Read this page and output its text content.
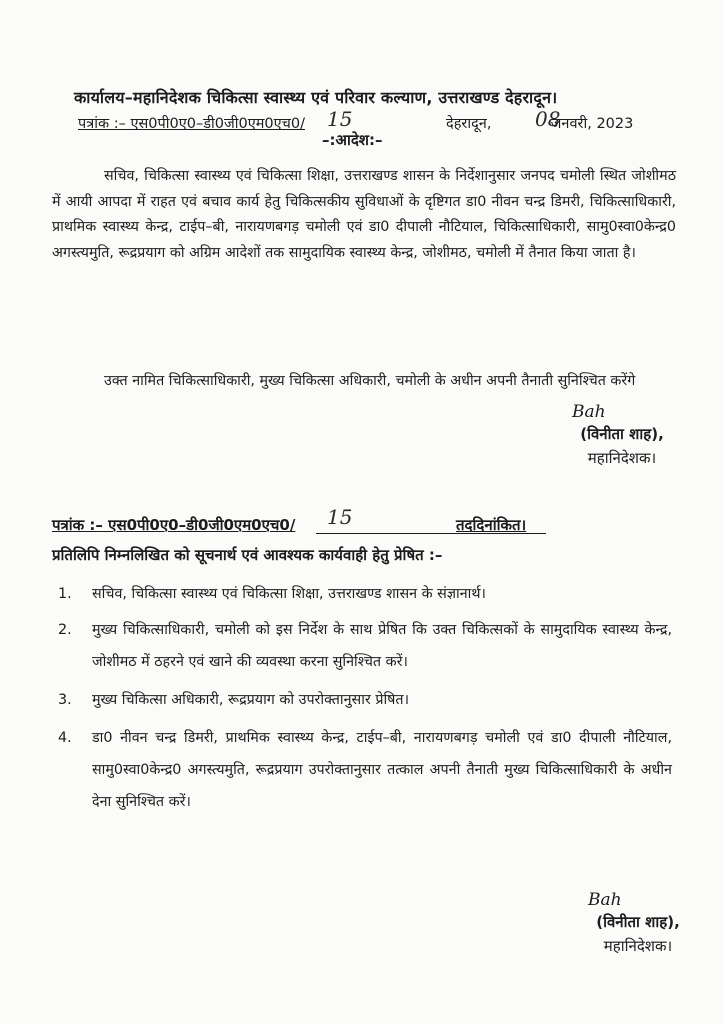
कार्यालय–महानिदेशक चिकित्सा स्वास्थ्य एवं परिवार कल्याण, उत्तराखण्ड देहरादून।
पत्रांक :– एस0पी0ए0–डी0जी0एम0एच0/ 15	देहरादून,	जनवरी, 2023
08
–:आदेश:–

सचिव, चिकित्सा स्वास्थ्य एवं चिकित्सा शिक्षा, उत्तराखण्ड शासन के निर्देशानुसार जनपद चमोली स्थित जोशीमठ में आयी आपदा में राहत एवं बचाव कार्य हेतु चिकित्सकीय सुविधाओं के दृष्टिगत डा0 नीवन चन्द्र डिमरी, चिकित्साधिकारी, प्राथमिक स्वास्थ्य केन्द्र, टाईप–बी, नारायणबगड़ चमोली एवं डा0 दीपाली नौटियाल, चिकित्साधिकारी, सामु0स्वा0केन्द्र0 अगस्त्यमुति, रूद्रप्रयाग को अग्रिम आदेशों तक सामुदायिक स्वास्थ्य केन्द्र, जोशीमठ, चमोली में तैनात किया जाता है।

उक्त नामित चिकित्साधिकारी, मुख्य चिकित्सा अधिकारी, चमोली के अधीन अपनी तैनाती सुनिश्चित करेंगे

Bah
(विनीता शाह),
महानिदेशक।
पत्रांक :– एस0पी0ए0–डी0जी0एम0एच0/ 15	तददिनांकित।
प्रतिलिपि निम्नलिखित को सूचनार्थ एवं आवश्यक कार्यवाही हेतु प्रेषित :–
1.	सचिव, चिकित्सा स्वास्थ्य एवं चिकित्सा शिक्षा, उत्तराखण्ड शासन के संज्ञानार्थ।
2.	मुख्य चिकित्साधिकारी, चमोली को इस निर्देश के साथ प्रेषित कि उक्त चिकित्सकों के सामुदायिक स्वास्थ्य केन्द्र, जोशीमठ में ठहरने एवं खाने की व्यवस्था करना सुनिश्चित करें।
3.	मुख्य चिकित्सा अधिकारी, रूद्रप्रयाग को उपरोक्तानुसार प्रेषित।
4.	डा0 नीवन चन्द्र डिमरी, प्राथमिक स्वास्थ्य केन्द्र, टाईप–बी, नारायणबगड़ चमोली एवं डा0 दीपाली नौटियाल, सामु0स्वा0केन्द्र0 अगस्त्यमुति, रूद्रप्रयाग उपरोक्तानुसार तत्काल अपनी तैनाती मुख्य चिकित्साधिकारी के अधीन देना सुनिश्चित करें।
Bah
(विनीता शाह),
महानिदेशक।
